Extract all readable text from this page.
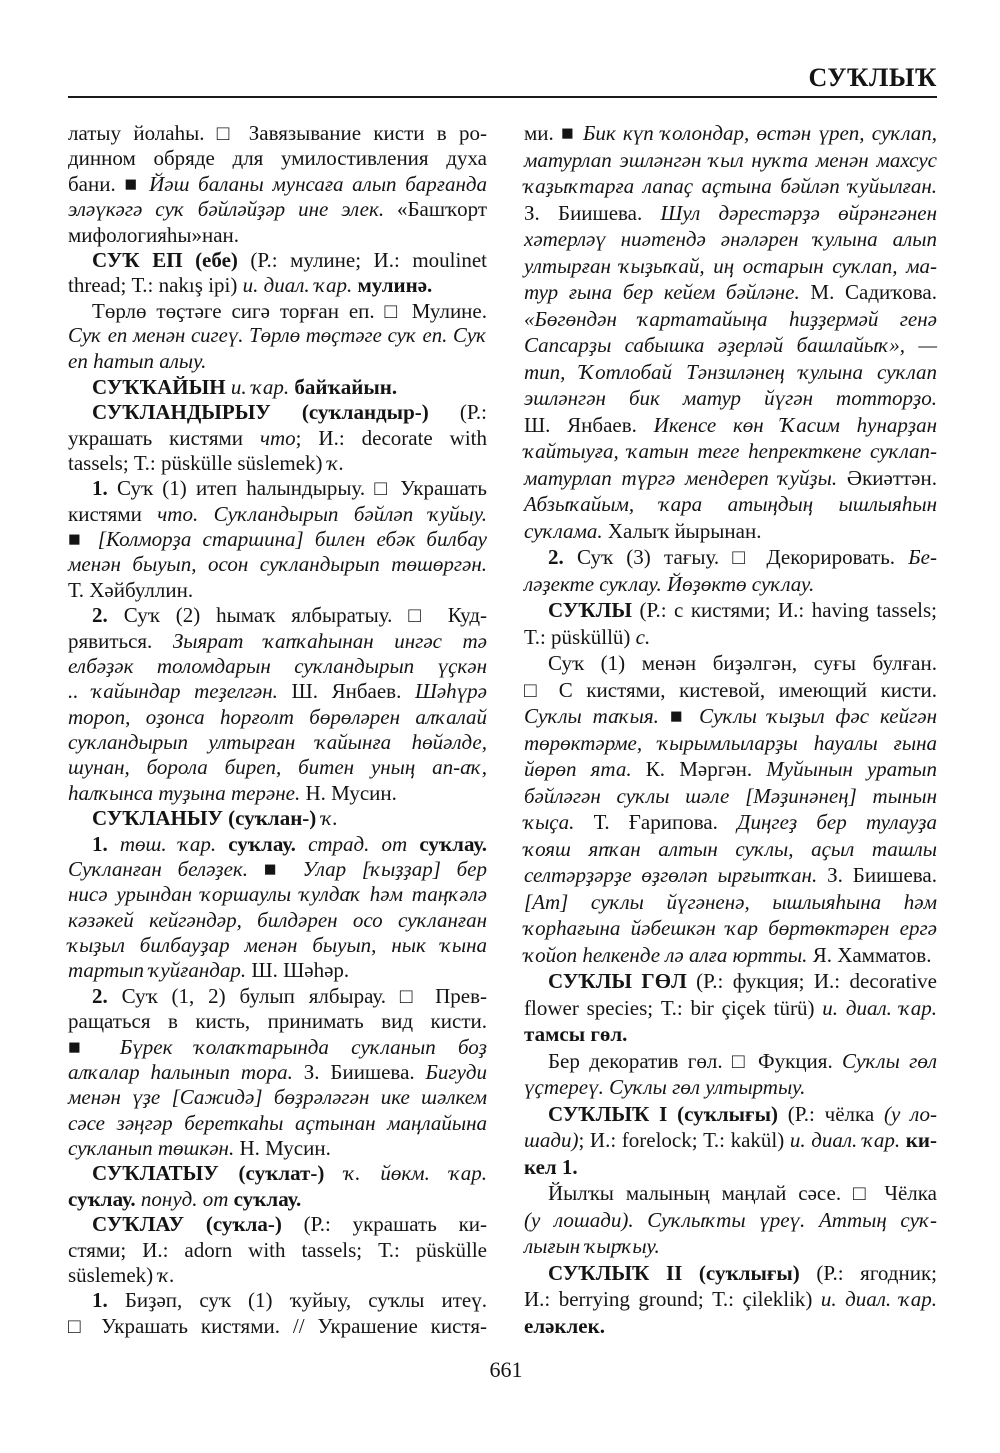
СУҠЛЫҠ
латыу йолаһы. □ Завязывание кисти в ро-
динном обряде для умилостивления духа
бани. ■ Йәш баланы мунсаға алып барғанда
эләүкәгә суҡ бәйләйҙәр ине элек. «Башҡорт
мифологияһы»нан.
СУҠ ЕП (ебе) (Р.: мулине; И.: moulinet
thread; Т.: nakış ipi) и. диал. ҡар. мулинә.
Төрлө төҫтәге сигә торған еп. □ Мулине.
Суҡ еп менән сигеү. Төрлө төҫтәге суҡ еп. Суҡ
еп һатып алыу.
СУҠҠАЙЫН и. ҡар. байҡайын.
СУҠЛАНДЫРЫУ (суҡландыр-) (Р.:
украшать кистями что; И.: decorate with
tassels; Т.: püskülle süslemek) ҡ.
1. Суҡ (1) итеп һалындырыу. □ Украшать
кистями что. Суҡландырып бәйләп ҡуйыу.
■ [Колморҙа старшина] билен ебәк билбау
менән быуып, осон суҡландырып төшөргән.
Т. Хәйбуллин.
2. Суҡ (2) һымаҡ ялбыратыу. □ Куд-
рявиться. Зыярат ҡапҡаһынан ингәс тә
елбәҙәк толомдарын суҡландырып үҫкән
.. ҡайындар теҙелгән. Ш. Янбаев. Шәһүрә
тороп, оҙонса һорғолт бөрөләрен алҡалай
суҡландырып ултырған ҡайынға һөйәлде,
шунан, борола биреп, битен уның ап-аҡ,
һалҡынса туҙына терәне. Н. Мусин.
СУҠЛАНЫУ (суҡлан-) ҡ.
1. төш. ҡар. суҡлау. страд. от суҡлау.
Суҡланған беләҙек. ■ Улар [ҡыҙҙар] бер
нисә урындан ҡоршаулы ҡулдаҡ һәм таңҡәлә
кәзәкей кейгәндәр, билдәрен осо суҡланған
ҡыҙыл билбауҙар менән быуып, нык ҡына
тартып ҡуйғандар. Ш. Шәһәр.
2. Суҡ (1, 2) булып ялбырау. □ Прев-
ращаться в кисть, принимать вид кисти.
■ Бүрек ҡолаҡтарында суҡланып боҙ
алҡалар һалынып тора. З. Биишева. Бигуди
менән үҙе [Сажидә] бөҙрәләгән ике шәлкем
сәсе зәңгәр береткаһы аҫтынан маңлайына
суҡланып төшкән. Н. Мусин.
СУҠЛАТЫУ (суҡлат-) ҡ. йөкм. ҡар.
суҡлау. понуд. от суҡлау.
СУҠЛАУ (суҡла-) (Р.: украшать ки-
стями; И.: adorn with tassels; Т.: püskülle
süslemek) ҡ.
1. Биҙәп, суҡ (1) ҡуйыу, суҡлы итеү.
□ Украшать кистями. // Украшение кистя-
ми. ■ Бик күп ҡолондар, өстән үреп, суҡлап,
матурлап эшләнгән ҡыл нуҡта менән махсус
ҡаҙыҡтарға лапаҫ аҫтына бәйләп ҡуйылған.
З. Биишева. Шул дәрестәрҙә өйрәнгәнен
хәтерләү ниәтендә әнәләрен ҡулына алып
ултырған ҡыҙыҡай, иң остарын суҡлап, ма-
тур ғына бер кейем бәйләне. М. Садиҡова.
«Бөгөндән ҡартатайыңа һиҙҙермәй генә
Сапсарҙы сабышка әҙерләй башлайыҡ», —
тип, Ҡотлобай Тәнзиләнең ҡулына суҡлап
эшләнгән бик матур йүгән тотторҙо.
Ш. Янбаев. Икенсе көн Ҡасим һунарҙан
ҡайтыуға, ҡатын теге һепректкене суҡлап-
матурлап түргә мендереп ҡуйҙы. Әкиәттән.
Абзыҡайым, ҡара атыңдың ышлыяһын
суҡлама. Халыҡ йырынан.
2. Суҡ (3) тағыу. □ Декорировать. Бе-
ләҙекте суҡлау. Йөҙөктө суҡлау.
СУҠЛЫ (Р.: с кистями; И.: having tassels;
Т.: püsküllü) с.
Суҡ (1) менән биҙәлгән, суғы булған.
□ С кистями, кистевой, имеющий кисти.
Суҡлы таҡыя. ■ Суҡлы ҡыҙыл фәс кейгән
төрөктәрме, ҡырымлыларҙы һауалы ғына
йөрөп ята. К. Мәргән. Муйынын уратып
бәйләгән суҡлы шәле [Мәҙинәнең] тынын
ҡыҫа. Т. Ғарипова. Диңгеҙ бер тулауҙа
ҡояш япҡан алтын суҡлы, аҫыл ташлы
селтәрҙәрҙе өҙгөләп ырғытҡан. З. Биишева.
[Ат] суҡлы йүгәненә, ышлыяһына һәм
ҡорһағына йәбешкән ҡар бөртөктәрен ергә
ҡойоп һелкенде лә алға юртты. Я. Хамматов.
СУҠЛЫ ГӨЛ (Р.: фукция; И.: decorative
flower species; Т.: bir çiçek türü) и. диал. ҡар.
тамсы гөл.
Бер декоратив гөл. □ Фукция. Суҡлы гөл
үҫтереү. Суҡлы гөл ултыртыу.
СУҠЛЫҠ I (суҡлығы) (Р.: чёлка (у ло-
шади); И.: forelock; Т.: kakül) и. диал. ҡар. ки-
кел 1.
Йылҡы малының маңлай сәсе. □ Чёлка
(у лошади). Суҡлыҡты үреү. Аттың суҡ-
лығын ҡырҡыу.
СУҠЛЫҠ II (суҡлығы) (Р.: ягодник;
И.: berrying ground; Т.: çileklik) и. диал. ҡар.
еләклек.
661
